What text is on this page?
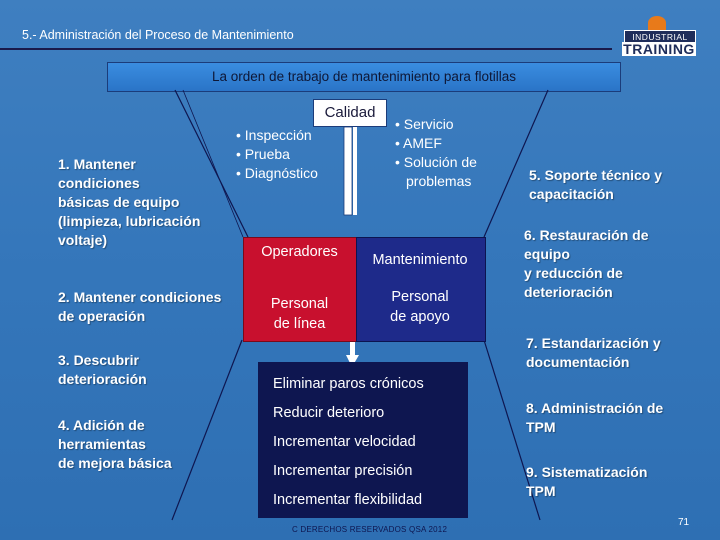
5.- Administración del Proceso de Mantenimiento	INDUSTRIAL
TRAINING
La orden de trabajo de mantenimiento para flotillas
Calidad
• Inspección
• Prueba
• Diagnóstico
• Servicio
• AMEF
• Solución de
problemas
Operadores	Mantenimiento
Personal
de línea
Personal
de apoyo
Eliminar paros crónicos
Reducir deterioro
Incrementar velocidad
Incrementar precisión
Incrementar flexibilidad
1. Mantener
condiciones
básicas de equipo
(limpieza, lubricación
voltaje)
2. Mantener condiciones
de operación
3. Descubrir
deterioración
4. Adición de
herramientas
de mejora básica
5. Soporte técnico y
capacitación
6. Restauración de
equipo
y reducción de
deterioración
7. Estandarización y
documentación
8. Administración de
TPM
9. Sistematización
TPM
C DERECHOS RESERVADOS QSA 2012
71
